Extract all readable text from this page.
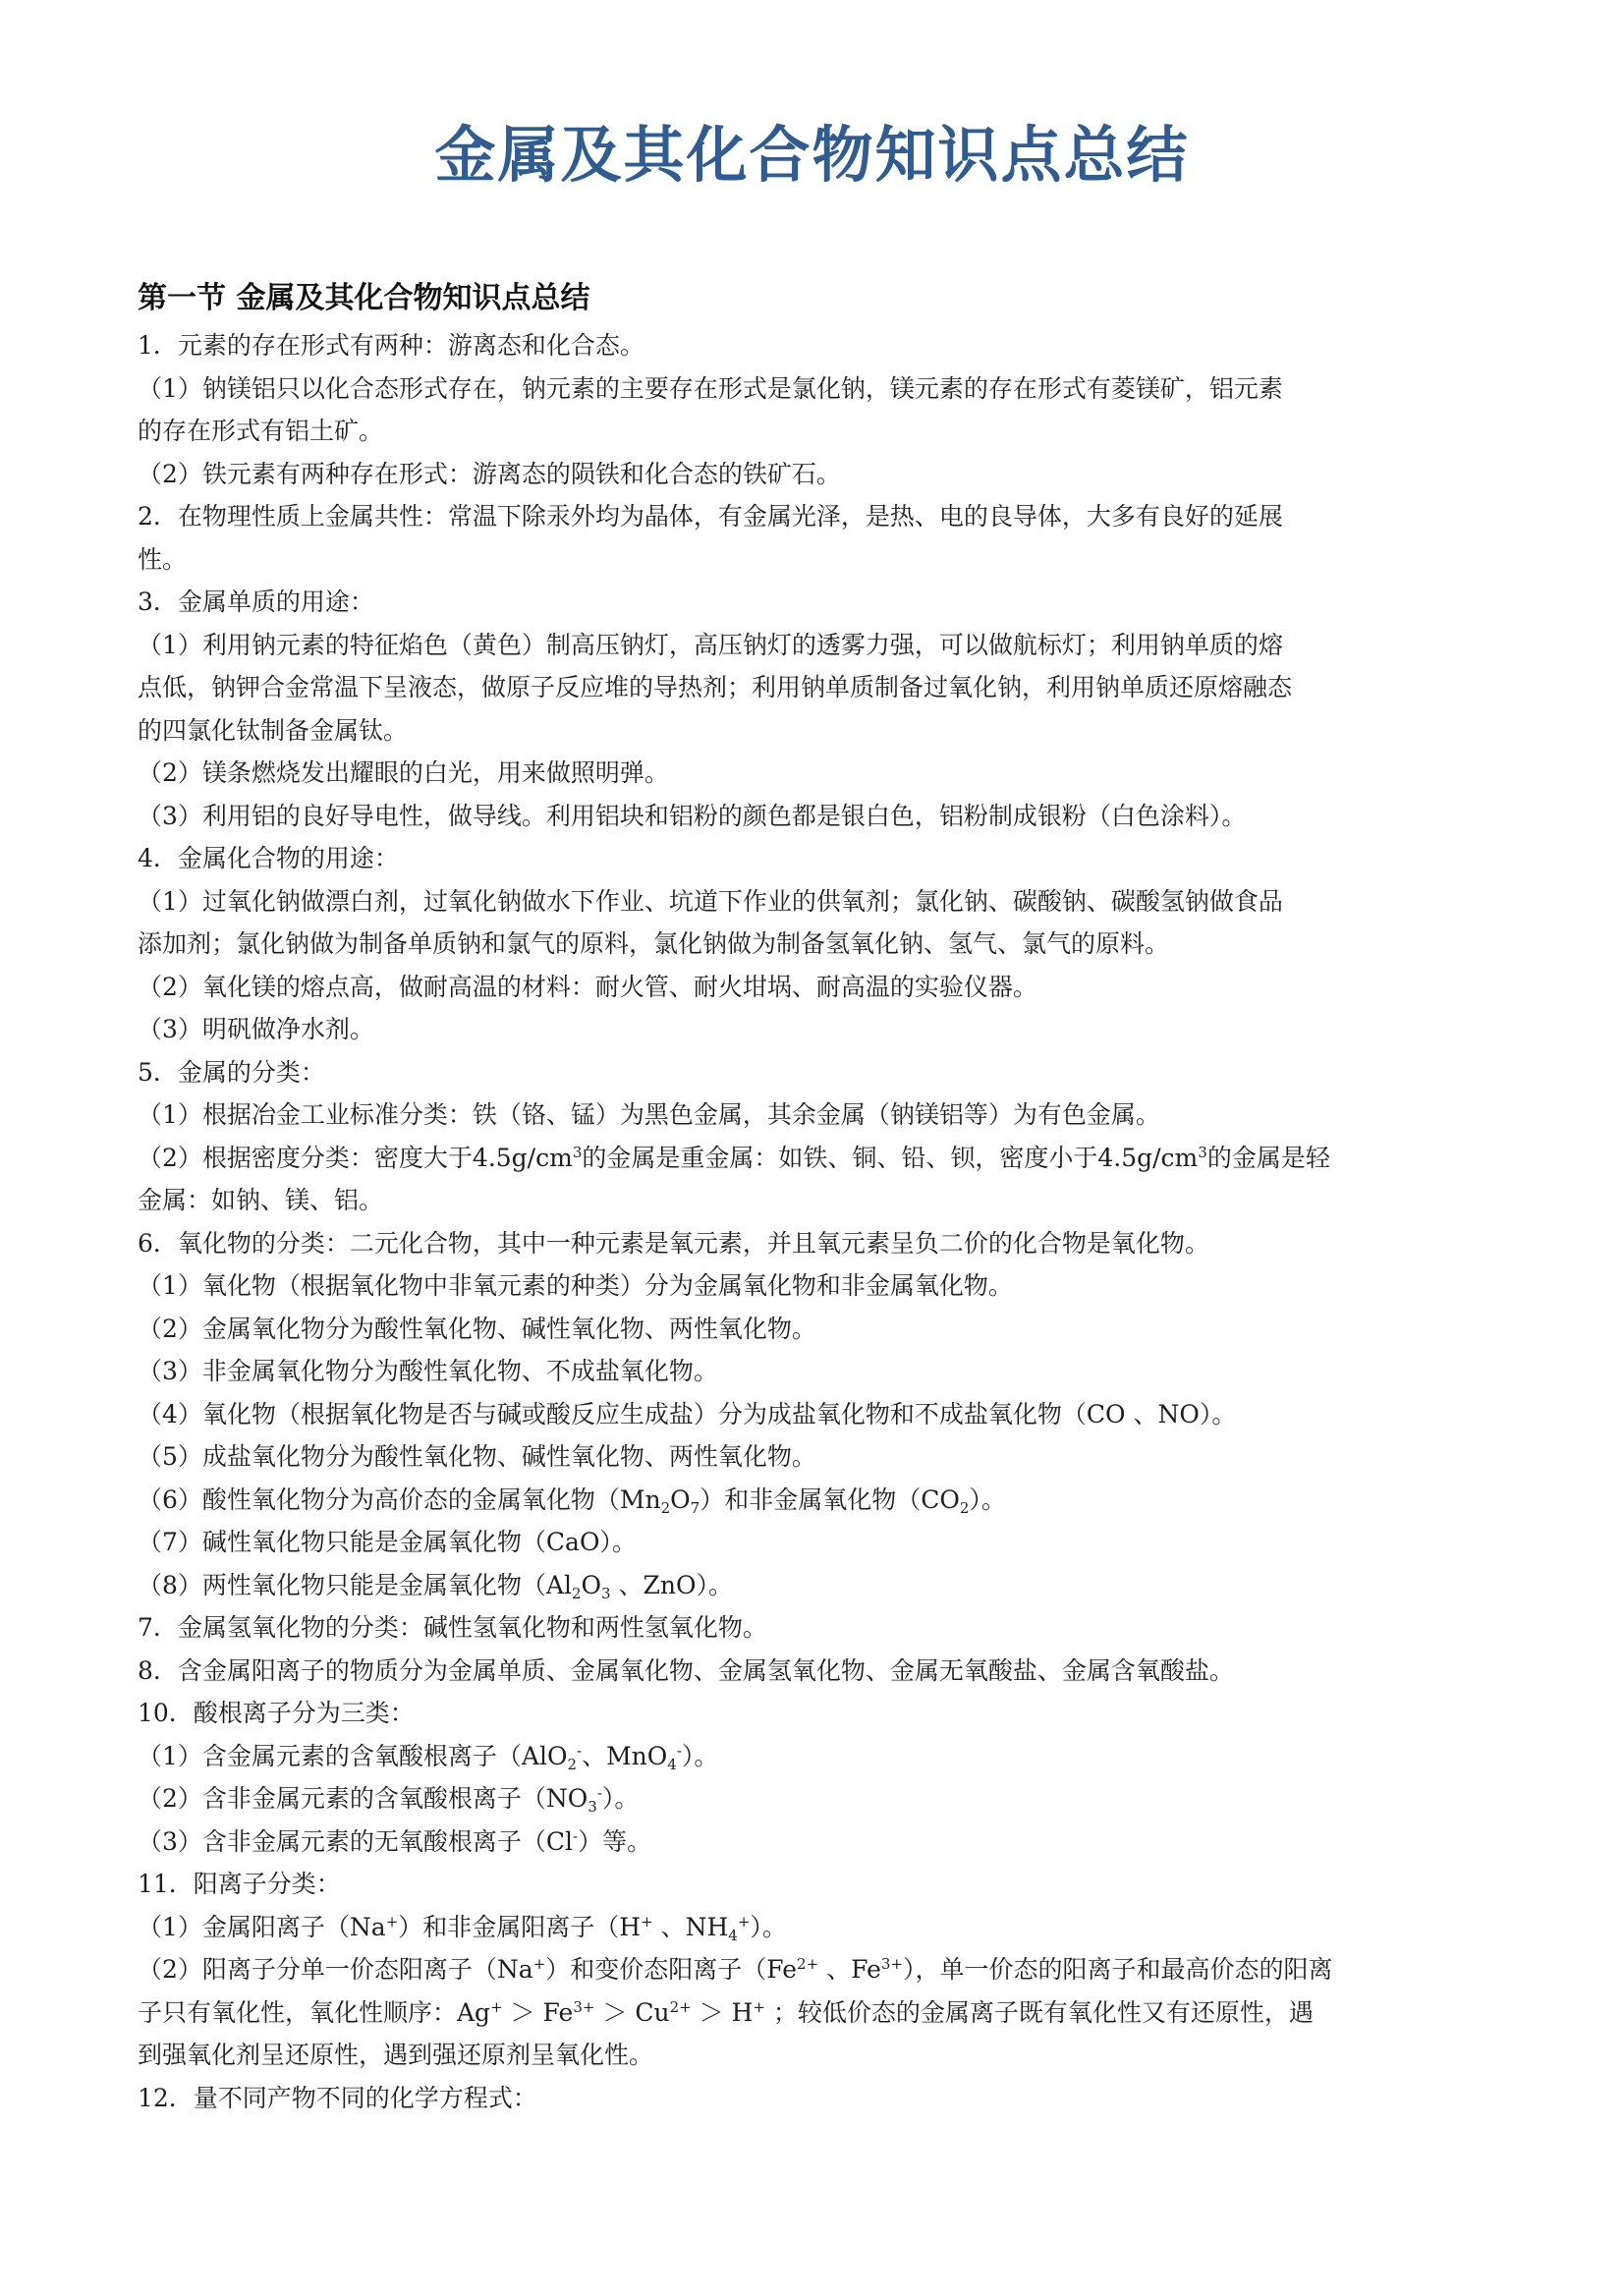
金属及其化合物知识点总结
第一节 金属及其化合物知识点总结

1．元素的存在形式有两种：游离态和化合态。

（1）钠镁铝只以化合态形式存在，钠元素的主要存在形式是氯化钠，镁元素的存在形式有菱镁矿，铝元素

的存在形式有铝土矿。

（2）铁元素有两种存在形式：游离态的陨铁和化合态的铁矿石。

2．在物理性质上金属共性：常温下除汞外均为晶体，有金属光泽，是热、电的良导体，大多有良好的延展

性。

3．金属单质的用途：

（1）利用钠元素的特征焰色（黄色）制高压钠灯，高压钠灯的透雾力强，可以做航标灯；利用钠单质的熔

点低，钠钾合金常温下呈液态，做原子反应堆的导热剂；利用钠单质制备过氧化钠，利用钠单质还原熔融态

的四氯化钛制备金属钛。

（2）镁条燃烧发出耀眼的白光，用来做照明弹。

（3）利用铝的良好导电性，做导线。利用铝块和铝粉的颜色都是银白色，铝粉制成银粉（白色涂料）。

4．金属化合物的用途：

（1）过氧化钠做漂白剂，过氧化钠做水下作业、坑道下作业的供氧剂；氯化钠、碳酸钠、碳酸氢钠做食品

添加剂；氯化钠做为制备单质钠和氯气的原料，氯化钠做为制备氢氧化钠、氢气、氯气的原料。

（2）氧化镁的熔点高，做耐高温的材料：耐火管、耐火坩埚、耐高温的实验仪器。

（3）明矾做净水剂。

5．金属的分类：

（1）根据冶金工业标准分类：铁（铬、锰）为黑色金属，其余金属（钠镁铝等）为有色金属。

（2）根据密度分类：密度大于$4.5g/cm^3$的金属是重金属：如铁、铜、铅、钡，密度小于$4.5g/cm^3$的金属是轻

金属：如钠、镁、铝。

6．氧化物的分类：二元化合物，其中一种元素是氧元素，并且氧元素呈负二价的化合物是氧化物。

（1）氧化物（根据氧化物中非氧元素的种类）分为金属氧化物和非金属氧化物。

（2）金属氧化物分为酸性氧化物、碱性氧化物、两性氧化物。

（3）非金属氧化物分为酸性氧化物、不成盐氧化物。

（4）氧化物（根据氧化物是否与碱或酸反应生成盐）分为成盐氧化物和不成盐氧化物（CO 、NO）。

（5）成盐氧化物分为酸性氧化物、碱性氧化物、两性氧化物。

（6）酸性氧化物分为高价态的金属氧化物$(Mn_2O_7)$和非金属氧化物$(CO_2)$。

（7）碱性氧化物只能是金属氧化物（CaO）。

（8）两性氧化物只能是金属氧化物（$Al_2O_3$ 、ZnO）。

7．金属氢氧化物的分类：碱性氢氧化物和两性氢氧化物。

8．含金属阳离子的物质分为金属单质、金属氧化物、金属氢氧化物、金属无氧酸盐、金属含氧酸盐。

10．酸根离子分为三类：

（1）含金属元素的含氧酸根离子（AlO$_2$-、MnO$_4$-）。

（2）含非金属元素的含氧酸根离子$(NO_3^-)$。

（3）含非金属元素的无氧酸根离子（Cl-）等。

11．阳离子分类：

（1）金属阳离子（Na+）和非金属阳离子（H+ 、$NH_4^+$）。

（2）阳离子分单一价态阳离子（Na+）和变价态阳离子（$Fe^{2+}$ 、$Fe^{3+}$），单一价态的阳离子和最高价态的阳离

子只有氧化性，氧化性顺序：$Ag^+ > Fe^{3+} > Cu^{2+} > H^+$ ；较低价态的金属离子既有氧化性又有还原性，遇

到强氧化剂呈还原性，遇到强还原剂呈氧化性。

12．量不同产物不同的化学方程式：
